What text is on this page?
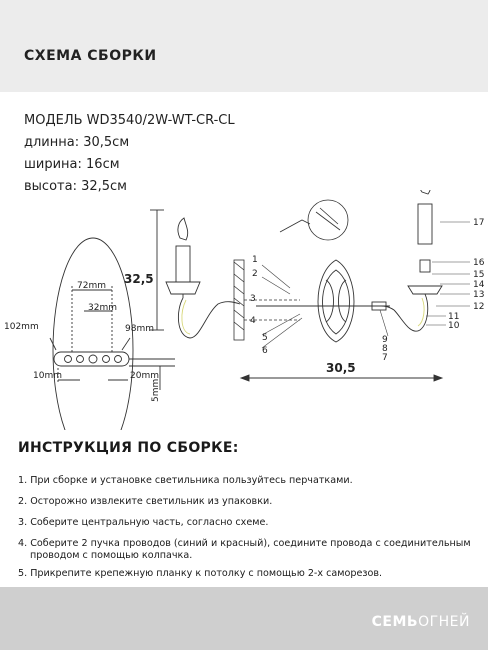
СХЕМА СБОРКИ
МОДЕЛЬ WD3540/2W-WT-CR-CL
длинна: 30,5см
ширина: 16см
высота: 32,5см
72mm
32mm
102mm	98mm
10mm	20mm
5mm
32,5
30,5
1
2
3
4
5
6
9
8
7
17
16
15
14
13
12
11
10
ИНСТРУКЦИЯ ПО СБОРКЕ:
1. При сборке и установке светильника пользуйтесь перчатками.
2. Осторожно извлеките светильник из упаковки.
3. Соберите центральную часть, согласно схеме.
4. Соберите 2 пучка проводов (синий и красный), соедините провода с соединительным
проводом с помощью колпачка.
5. Прикрепите крепежную планку к потолку с помощью 2-х саморезов.
СЕМЬОГНЕЙ
